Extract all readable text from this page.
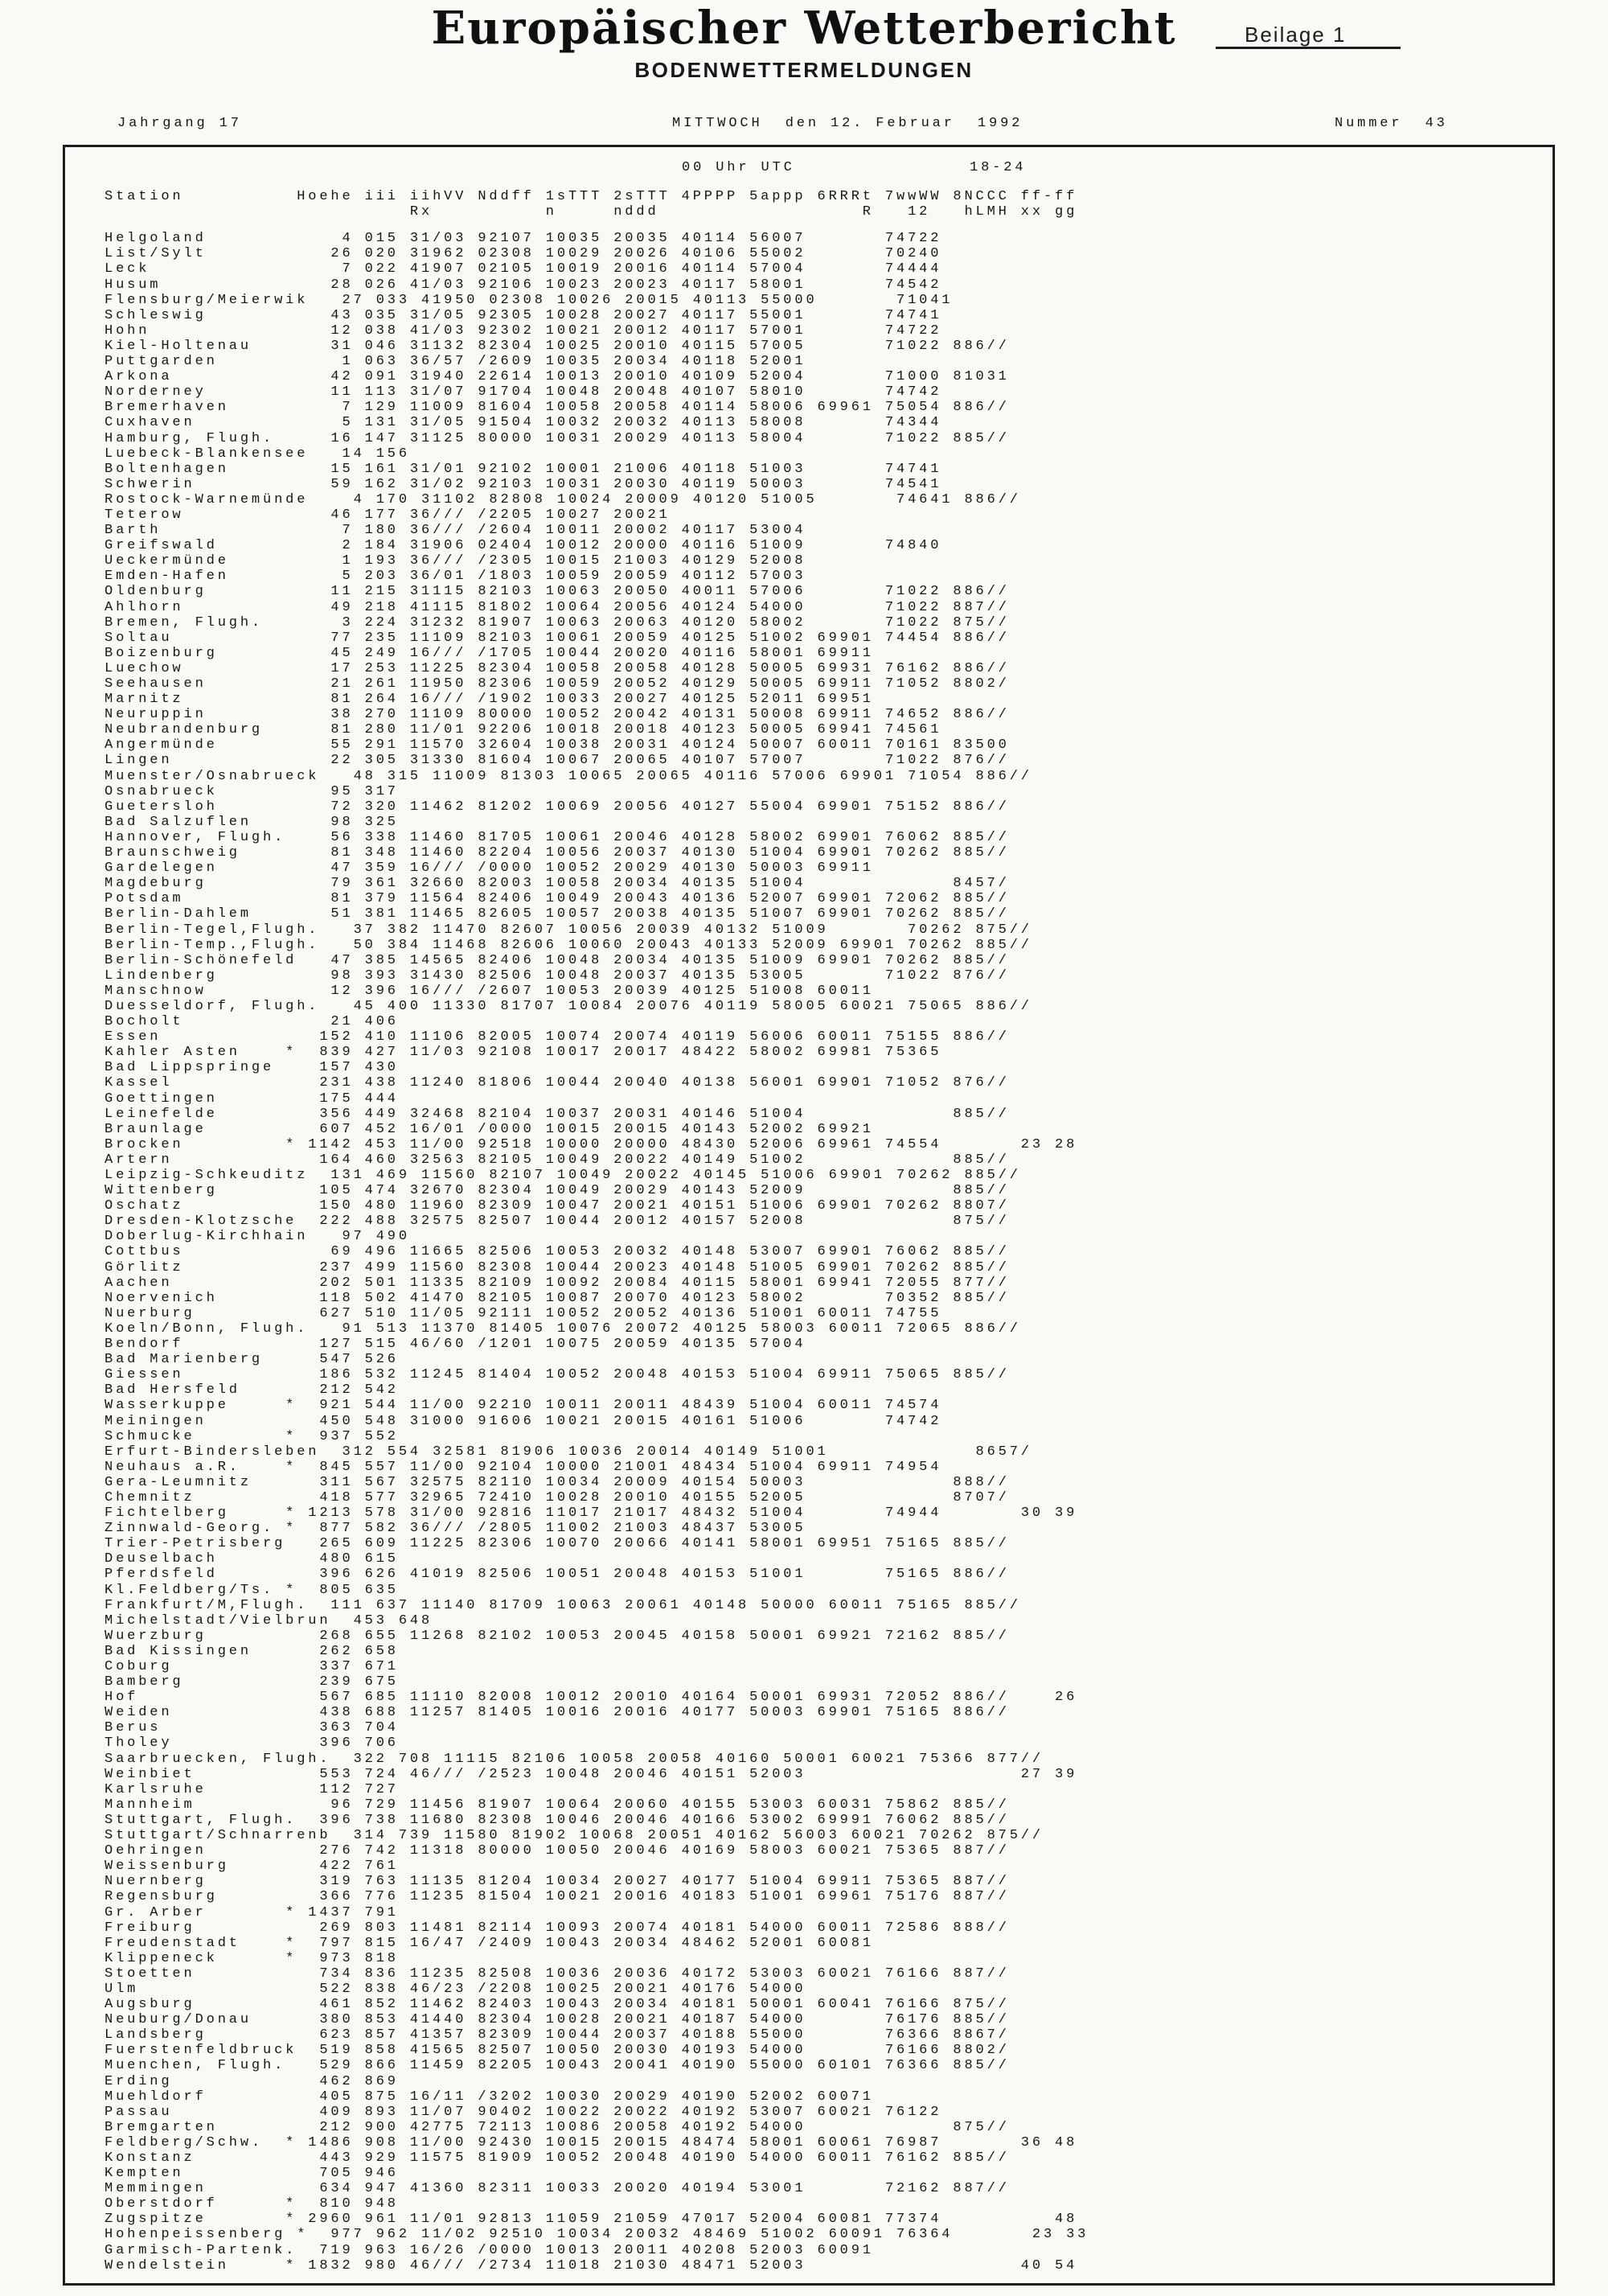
Europäischer Wetterbericht	Beilage 1
BODENWETTERMELDUNGEN
Jahrgang 17	MITTWOCH  den 12. Februar  1992	Nummer  43
00 Uhr UTC	18-24
Station          Hoehe iii iihVV Nddff 1sTTT 2sTTT 4PPPP 5appp 6RRRt 7wwWW 8NCCC ff-ff
Rx          n     nddd                  R   12   hLMH xx gg
Helgoland            4 015 31/03 92107 10035 20035 40114 56007       74722
List/Sylt           26 020 31962 02308 10029 20026 40106 55002       70240
Leck                 7 022 41907 02105 10019 20016 40114 57004       74444
Husum               28 026 41/03 92106 10023 20023 40117 58001       74542
Flensburg/Meierwik   27 033 41950 02308 10026 20015 40113 55000       71041
Schleswig           43 035 31/05 92305 10028 20027 40117 55001       74741
Hohn                12 038 41/03 92302 10021 20012 40117 57001       74722
Kiel-Holtenau       31 046 31132 82304 10025 20010 40115 57005       71022 886//
Puttgarden           1 063 36/57 /2609 10035 20034 40118 52001
Arkona              42 091 31940 22614 10013 20010 40109 52004       71000 81031
Norderney           11 113 31/07 91704 10048 20048 40107 58010       74742
Bremerhaven          7 129 11009 81604 10058 20058 40114 58006 69961 75054 886//
Cuxhaven             5 131 31/05 91504 10032 20032 40113 58008       74344
Hamburg, Flugh.     16 147 31125 80000 10031 20029 40113 58004       71022 885//
Luebeck-Blankensee   14 156
Boltenhagen         15 161 31/01 92102 10001 21006 40118 51003       74741
Schwerin            59 162 31/02 92103 10031 20030 40119 50003       74541
Rostock-Warnemünde    4 170 31102 82808 10024 20009 40120 51005       74641 886//
Teterow             46 177 36/// /2205 10027 20021
Barth                7 180 36/// /2604 10011 20002 40117 53004
Greifswald           2 184 31906 02404 10012 20000 40116 51009       74840
Ueckermünde          1 193 36/// /2305 10015 21003 40129 52008
Emden-Hafen          5 203 36/01 /1803 10059 20059 40112 57003
Oldenburg           11 215 31115 82103 10063 20050 40011 57006       71022 886//
Ahlhorn             49 218 41115 81802 10064 20056 40124 54000       71022 887//
Bremen, Flugh.       3 224 31232 81907 10063 20063 40120 58002       71022 875//
Soltau              77 235 11109 82103 10061 20059 40125 51002 69901 74454 886//
Boizenburg          45 249 16/// /1705 10044 20020 40116 58001 69911
Luechow             17 253 11225 82304 10058 20058 40128 50005 69931 76162 886//
Seehausen           21 261 11950 82306 10059 20052 40129 50005 69911 71052 8802/
Marnitz             81 264 16/// /1902 10033 20027 40125 52011 69951
Neuruppin           38 270 11109 80000 10052 20042 40131 50008 69911 74652 886//
Neubrandenburg      81 280 11/01 92206 10018 20018 40123 50005 69941 74561
Angermünde          55 291 11570 32604 10038 20031 40124 50007 60011 70161 83500
Lingen              22 305 31330 81604 10067 20065 40107 57007       71022 876//
Muenster/Osnabrueck   48 315 11009 81303 10065 20065 40116 57006 69901 71054 886//
Osnabrueck          95 317
Guetersloh          72 320 11462 81202 10069 20056 40127 55004 69901 75152 886//
Bad Salzuflen       98 325
Hannover, Flugh.    56 338 11460 81705 10061 20046 40128 58002 69901 76062 885//
Braunschweig        81 348 11460 82204 10056 20037 40130 51004 69901 70262 885//
Gardelegen          47 359 16/// /0000 10052 20029 40130 50003 69911
Magdeburg           79 361 32660 82003 10058 20034 40135 51004             8457/
Potsdam             81 379 11564 82406 10049 20043 40136 52007 69901 72062 885//
Berlin-Dahlem       51 381 11465 82605 10057 20038 40135 51007 69901 70262 885//
Berlin-Tegel,Flugh.   37 382 11470 82607 10056 20039 40132 51009       70262 875//
Berlin-Temp.,Flugh.   50 384 11468 82606 10060 20043 40133 52009 69901 70262 885//
Berlin-Schönefeld   47 385 14565 82406 10048 20034 40135 51009 69901 70262 885//
Lindenberg          98 393 31430 82506 10048 20037 40135 53005       71022 876//
Manschnow           12 396 16/// /2607 10053 20039 40125 51008 60011
Duesseldorf, Flugh.   45 400 11330 81707 10084 20076 40119 58005 60021 75065 886//
Bocholt             21 406
Essen              152 410 11106 82005 10074 20074 40119 56006 60011 75155 886//
Kahler Asten    *  839 427 11/03 92108 10017 20017 48422 58002 69981 75365
Bad Lippspringe    157 430
Kassel             231 438 11240 81806 10044 20040 40138 56001 69901 71052 876//
Goettingen         175 444
Leinefelde         356 449 32468 82104 10037 20031 40146 51004             885//
Braunlage          607 452 16/01 /0000 10015 20015 40143 52002 69921
Brocken         * 1142 453 11/00 92518 10000 20000 48430 52006 69961 74554       23 28
Artern             164 460 32563 82105 10049 20022 40149 51002             885//
Leipzig-Schkeuditz  131 469 11560 82107 10049 20022 40145 51006 69901 70262 885//
Wittenberg         105 474 32670 82304 10049 20029 40143 52009             885//
Oschatz            150 480 11960 82309 10047 20021 40151 51006 69901 70262 8807/
Dresden-Klotzsche  222 488 32575 82507 10044 20012 40157 52008             875//
Doberlug-Kirchhain   97 490
Cottbus             69 496 11665 82506 10053 20032 40148 53007 69901 76062 885//
Görlitz            237 499 11560 82308 10044 20023 40148 51005 69901 70262 885//
Aachen             202 501 11335 82109 10092 20084 40115 58001 69941 72055 877//
Noervenich         118 502 41470 82105 10087 20070 40123 58002       70352 885//
Nuerburg           627 510 11/05 92111 10052 20052 40136 51001 60011 74755
Koeln/Bonn, Flugh.   91 513 11370 81405 10076 20072 40125 58003 60011 72065 886//
Bendorf            127 515 46/60 /1201 10075 20059 40135 57004
Bad Marienberg     547 526
Giessen            186 532 11245 81404 10052 20048 40153 51004 69911 75065 885//
Bad Hersfeld       212 542
Wasserkuppe     *  921 544 11/00 92210 10011 20011 48439 51004 60011 74574
Meiningen          450 548 31000 91606 10021 20015 40161 51006       74742
Schmucke        *  937 552
Erfurt-Bindersleben  312 554 32581 81906 10036 20014 40149 51001             8657/
Neuhaus a.R.    *  845 557 11/00 92104 10000 21001 48434 51004 69911 74954
Gera-Leumnitz      311 567 32575 82110 10034 20009 40154 50003             888//
Chemnitz           418 577 32965 72410 10028 20010 40155 52005             8707/
Fichtelberg     * 1213 578 31/00 92816 11017 21017 48432 51004       74944       30 39
Zinnwald-Georg. *  877 582 36/// /2805 11002 21003 48437 53005
Trier-Petrisberg   265 609 11225 82306 10070 20066 40141 58001 69951 75165 885//
Deuselbach         480 615
Pferdsfeld         396 626 41019 82506 10051 20048 40153 51001       75165 886//
Kl.Feldberg/Ts. *  805 635
Frankfurt/M,Flugh.  111 637 11140 81709 10063 20061 40148 50000 60011 75165 885//
Michelstadt/Vielbrun  453 648
Wuerzburg          268 655 11268 82102 10053 20045 40158 50001 69921 72162 885//
Bad Kissingen      262 658
Coburg             337 671
Bamberg            239 675
Hof                567 685 11110 82008 10012 20010 40164 50001 69931 72052 886//    26
Weiden             438 688 11257 81405 10016 20016 40177 50003 69901 75165 886//
Berus              363 704
Tholey             396 706
Saarbruecken, Flugh.  322 708 11115 82106 10058 20058 40160 50001 60021 75366 877//
Weinbiet           553 724 46/// /2523 10048 20046 40151 52003                   27 39
Karlsruhe          112 727
Mannheim            96 729 11456 81907 10064 20060 40155 53003 60031 75862 885//
Stuttgart, Flugh.  396 738 11680 82308 10046 20046 40166 53002 69991 76062 885//
Stuttgart/Schnarrenb  314 739 11580 81902 10068 20051 40162 56003 60021 70262 875//
Oehringen          276 742 11318 80000 10050 20046 40169 58003 60021 75365 887//
Weissenburg        422 761
Nuernberg          319 763 11135 81204 10034 20027 40177 51004 69911 75365 887//
Regensburg         366 776 11235 81504 10021 20016 40183 51001 69961 75176 887//
Gr. Arber       * 1437 791
Freiburg           269 803 11481 82114 10093 20074 40181 54000 60011 72586 888//
Freudenstadt    *  797 815 16/47 /2409 10043 20034 48462 52001 60081
Klippeneck      *  973 818
Stoetten           734 836 11235 82508 10036 20036 40172 53003 60021 76166 887//
Ulm                522 838 46/23 /2208 10025 20021 40176 54000
Augsburg           461 852 11462 82403 10043 20034 40181 50001 60041 76166 875//
Neuburg/Donau      380 853 41440 82304 10028 20021 40187 54000       76176 885//
Landsberg          623 857 41357 82309 10044 20037 40188 55000       76366 8867/
Fuerstenfeldbruck  519 858 41565 82507 10050 20030 40193 54000       76166 8802/
Muenchen, Flugh.   529 866 11459 82205 10043 20041 40190 55000 60101 76366 885//
Erding             462 869
Muehldorf          405 875 16/11 /3202 10030 20029 40190 52002 60071
Passau             409 893 11/07 90402 10022 20022 40192 53007 60021 76122
Bremgarten         212 900 42775 72113 10086 20058 40192 54000             875//
Feldberg/Schw.  * 1486 908 11/00 92430 10015 20015 48474 58001 60061 76987       36 48
Konstanz           443 929 11575 81909 10052 20048 40190 54000 60011 76162 885//
Kempten            705 946
Memmingen          634 947 41360 82311 10033 20020 40194 53001       72162 887//
Oberstdorf      *  810 948
Zugspitze       * 2960 961 11/01 92813 11059 21059 47017 52004 60081 77374          48
Hohenpeissenberg *  977 962 11/02 92510 10034 20032 48469 51002 60091 76364       23 33
Garmisch-Partenk.  719 963 16/26 /0000 10013 20011 40208 52003 60091
Wendelstein     * 1832 980 46/// /2734 11018 21030 48471 52003                   40 54
